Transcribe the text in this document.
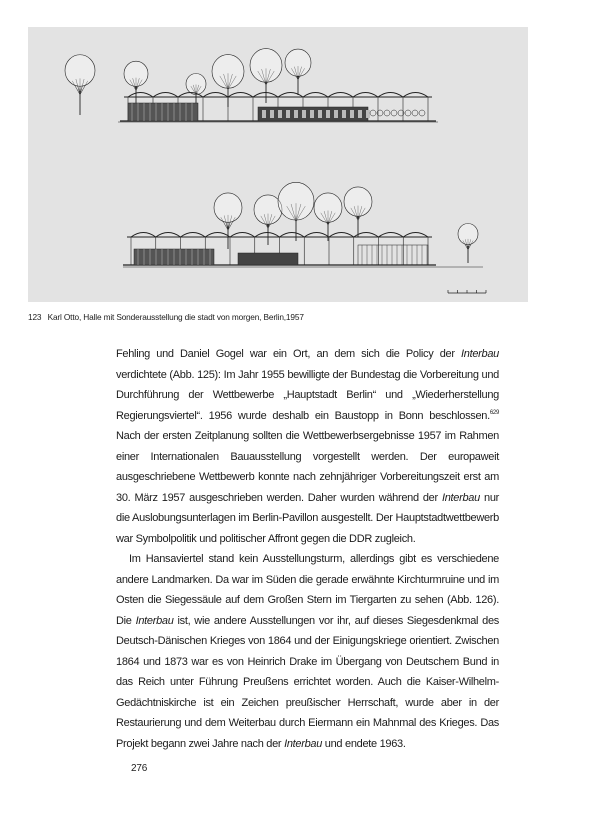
123 Karl Otto, Halle mit Sonderausstellung die stadt von morgen, Berlin,1957

Fehling und Daniel Gogel war ein Ort, an dem sich die Policy der Interbau verdichtete (Abb. 125): Im Jahr 1955 bewilligte der Bundestag die Vorbereitung und Durchführung der Wettbewerbe „Hauptstadt Berlin“ und „Wiederherstellung Regierungsviertel“. 1956 wurde deshalb ein Baustopp in Bonn beschlossen.$^{629}$ Nach der ersten Zeitplanung sollten die Wettbewerbsergebnisse 1957 im Rahmen einer Internationalen Bauausstellung vorgestellt werden. Der europaweit ausgeschriebene Wettbewerb konnte nach zehnjähriger Vorbereitungszeit erst am 30. März 1957 ausgeschrieben werden. Daher wurden während der Interbau nur die Auslobungsunterlagen im Berlin-Pavillon ausgestellt. Der Hauptstadtwettbewerb war Symbolpolitik und politischer Affront gegen die DDR zugleich.

Im Hansaviertel stand kein Ausstellungsturm, allerdings gibt es verschiedene andere Landmarken. Da war im Süden die gerade erwähnte Kirchturmruine und im Osten die Siegessäule auf dem Großen Stern im Tiergarten zu sehen (Abb. 126). Die Interbau ist, wie andere Ausstellungen vor ihr, auf dieses Siegesdenkmal des Deutsch-Dänischen Krieges von 1864 und der Einigungskriege orientiert. Zwischen 1864 und 1873 war es von Heinrich Drake im Übergang von Deutschem Bund in das Reich unter Führung Preußens errichtet worden. Auch die Kaiser-Wilhelm-Gedächtniskirche ist ein Zeichen preußischer Herrschaft, wurde aber in der Restaurierung und dem Weiterbau durch Eiermann ein Mahnmal des Krieges. Das Projekt begann zwei Jahre nach der Interbau und endete 1963.

276
